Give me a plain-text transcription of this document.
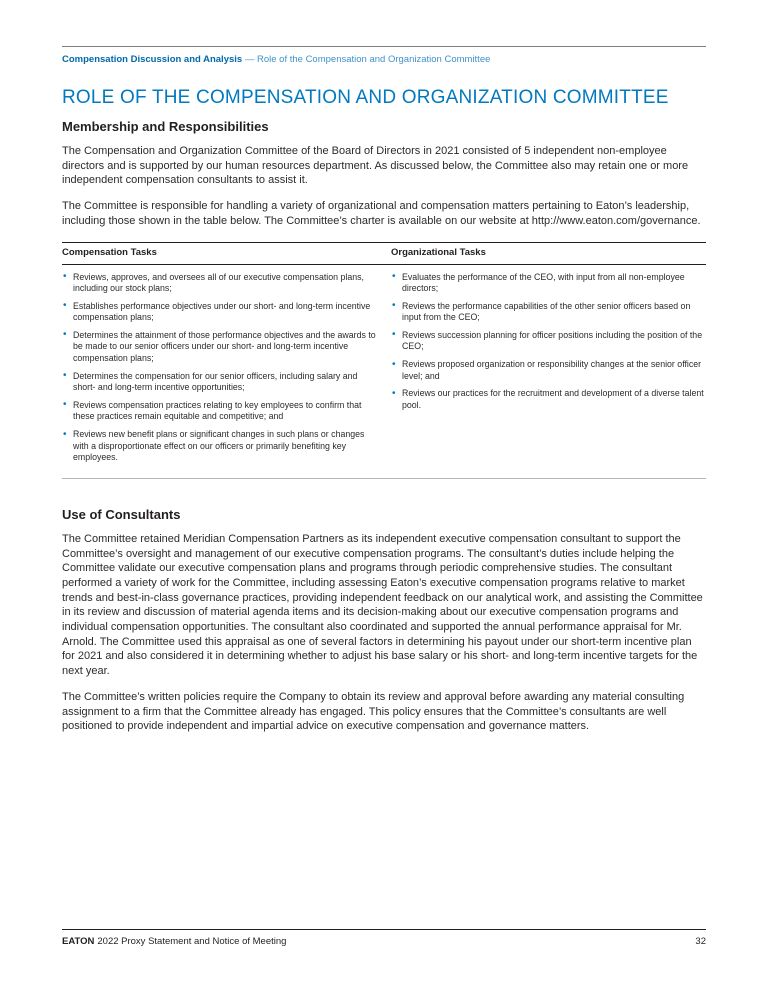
Compensation Discussion and Analysis — Role of the Compensation and Organization Committee
ROLE OF THE COMPENSATION AND ORGANIZATION COMMITTEE
Membership and Responsibilities

The Compensation and Organization Committee of the Board of Directors in 2021 consisted of 5 independent non-employee directors and is supported by our human resources department. As discussed below, the Committee also may retain one or more independent compensation consultants to assist it.

The Committee is responsible for handling a variety of organizational and compensation matters pertaining to Eaton’s leadership, including those shown in the table below. The Committee’s charter is available on our website at http://www.eaton.com/governance.

Compensation Tasks	Organizational Tasks
• Reviews, approves, and oversees all of our executive compensation plans, including our stock plans;
• Establishes performance objectives under our short- and long-term incentive compensation plans;
• Determines the attainment of those performance objectives and the awards to be made to our senior officers under our short- and long-term incentive compensation plans;
• Determines the compensation for our senior officers, including salary and short- and long-term incentive opportunities;
• Reviews compensation practices relating to key employees to confirm that these practices remain equitable and competitive; and
• Reviews new benefit plans or significant changes in such plans or changes with a disproportionate effect on our officers or primarily benefiting key employees.
• Evaluates the performance of the CEO, with input from all non-employee directors;
• Reviews the performance capabilities of the other senior officers based on input from the CEO;
• Reviews succession planning for officer positions including the position of the CEO;
• Reviews proposed organization or responsibility changes at the senior officer level; and
• Reviews our practices for the recruitment and development of a diverse talent pool.
Use of Consultants

The Committee retained Meridian Compensation Partners as its independent executive compensation consultant to support the Committee’s oversight and management of our executive compensation programs. The consultant’s duties include helping the Committee validate our executive compensation plans and programs through periodic comprehensive studies. The consultant performed a variety of work for the Committee, including assessing Eaton’s executive compensation programs relative to market trends and best-in-class governance practices, providing independent feedback on our analytical work, and assisting the Committee in its review and discussion of material agenda items and its decision-making about our executive compensation programs and individual compensation opportunities. The consultant also coordinated and supported the annual performance appraisal for Mr. Arnold. The Committee used this appraisal as one of several factors in determining his payout under our short-term incentive plan for 2021 and also considered it in determining whether to adjust his base salary or his short- and long-term incentive targets for the next year.

The Committee’s written policies require the Company to obtain its review and approval before awarding any material consulting assignment to a firm that the Committee already has engaged. This policy ensures that the Committee’s consultants are well positioned to provide independent and impartial advice on executive compensation and governance matters.

EATON 2022 Proxy Statement and Notice of Meeting	32
